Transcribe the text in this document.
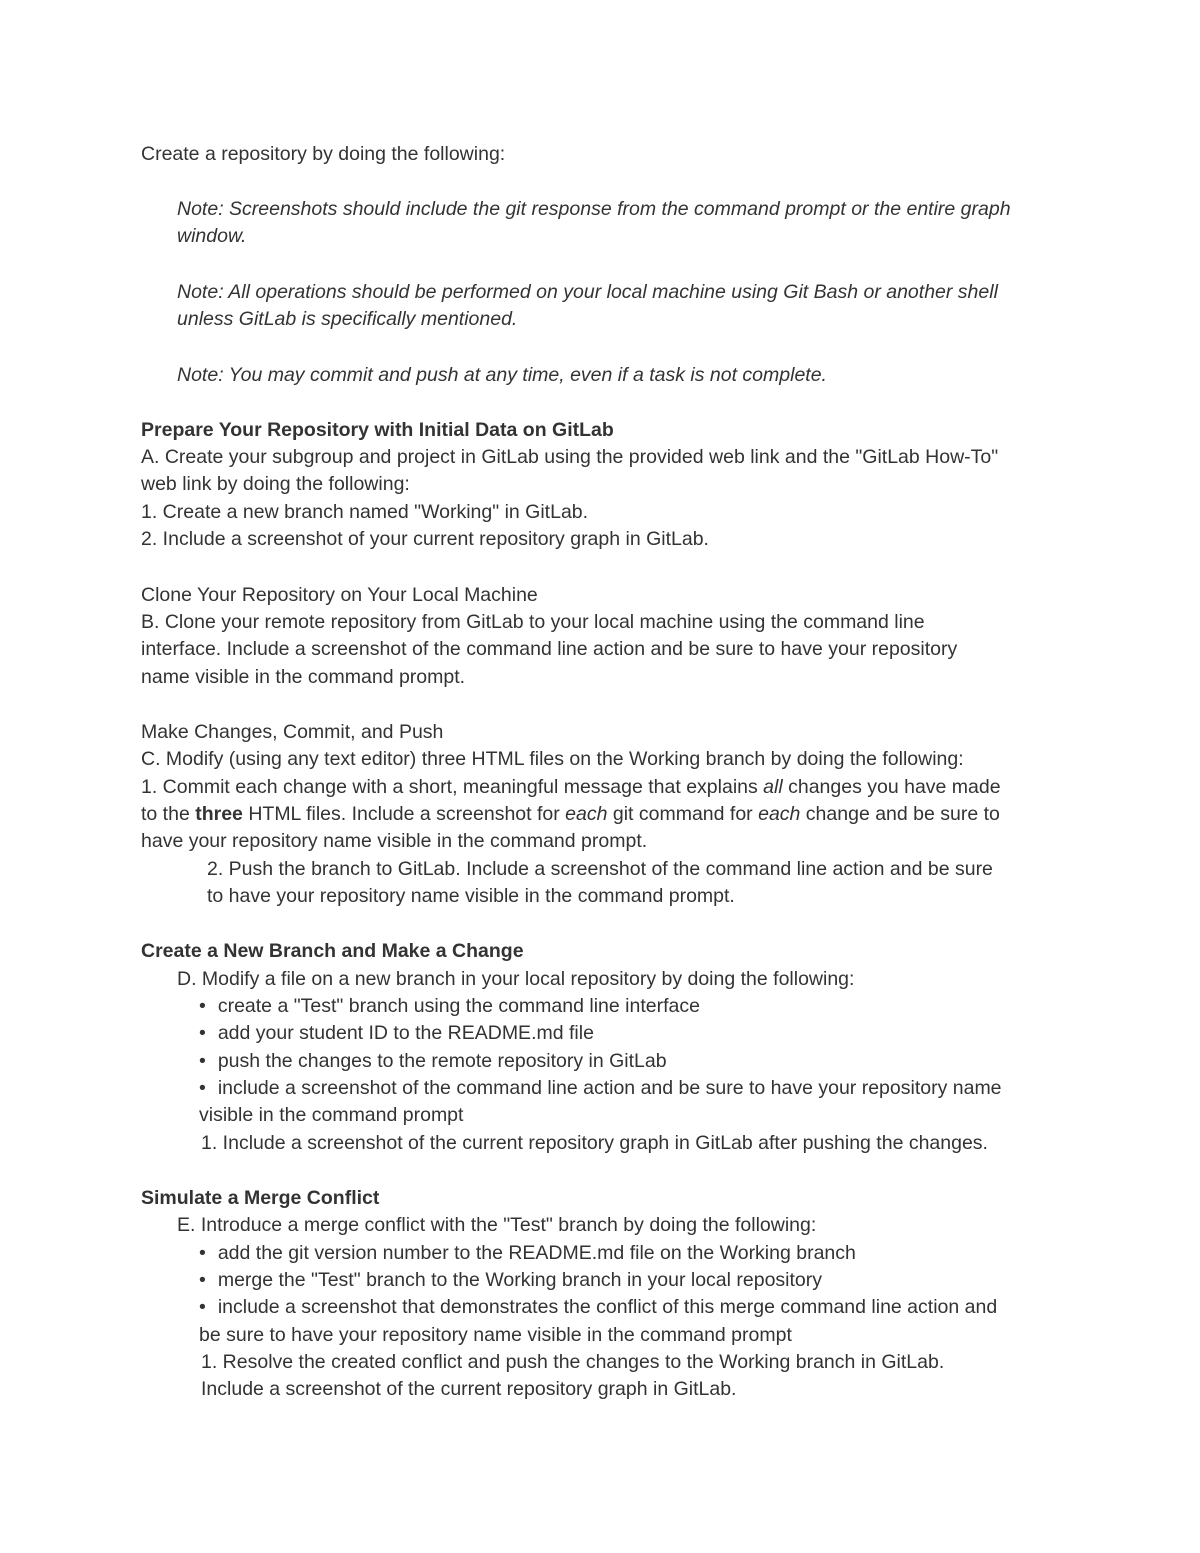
Create a repository by doing the following:
Note: Screenshots should include the git response from the command prompt or the entire graph
window.
Note: All operations should be performed on your local machine using Git Bash or another shell
unless GitLab is specifically mentioned.
Note: You may commit and push at any time, even if a task is not complete.
Prepare Your Repository with Initial Data on GitLab
A. Create your subgroup and project in GitLab using the provided web link and the "GitLab How-To"
web link by doing the following:
1. Create a new branch named "Working" in GitLab.
2. Include a screenshot of your current repository graph in GitLab.
Clone Your Repository on Your Local Machine
B. Clone your remote repository from GitLab to your local machine using the command line
interface. Include a screenshot of the command line action and be sure to have your repository
name visible in the command prompt.
Make Changes, Commit, and Push
C. Modify (using any text editor) three HTML files on the Working branch by doing the following:
1. Commit each change with a short, meaningful message that explains all changes you have made
to the three HTML files. Include a screenshot for each git command for each change and be sure to
have your repository name visible in the command prompt.
2. Push the branch to GitLab. Include a screenshot of the command line action and be sure
to have your repository name visible in the command prompt.
Create a New Branch and Make a Change
D. Modify a file on a new branch in your local repository by doing the following:
• create a "Test" branch using the command line interface
• add your student ID to the README.md file
• push the changes to the remote repository in GitLab
• include a screenshot of the command line action and be sure to have your repository name
visible in the command prompt
1. Include a screenshot of the current repository graph in GitLab after pushing the changes.
Simulate a Merge Conflict
E. Introduce a merge conflict with the "Test" branch by doing the following:
• add the git version number to the README.md file on the Working branch
• merge the "Test" branch to the Working branch in your local repository
• include a screenshot that demonstrates the conflict of this merge command line action and
be sure to have your repository name visible in the command prompt
1. Resolve the created conflict and push the changes to the Working branch in GitLab.
Include a screenshot of the current repository graph in GitLab.
